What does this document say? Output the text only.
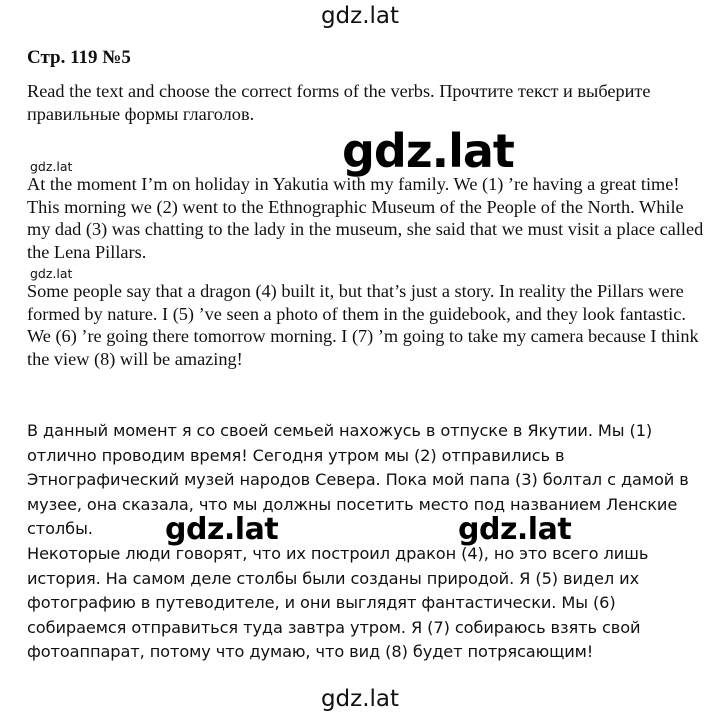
gdz.lat
Стр. 119 №5
Read the text and choose the correct forms of the verbs. Прочтите текст и выберите правильные формы глаголов.
gdz.lat	gdz.lat
At the moment I’m on holiday in Yakutia with my family. We (1) ’re having a great time! This morning we (2) went to the Ethnographic Museum of the People of the North. While my dad (3) was chatting to the lady in the museum, she said that we must visit a place called the Lena Pillars.
gdz.lat
Some people say that a dragon (4) built it, but that’s just a story. In reality the Pillars were formed by nature. I (5) ’ve seen a photo of them in the guidebook, and they look fantastic. We (6) ’re going there tomorrow morning. I (7) ’m going to take my camera because I think the view (8) will be amazing!
В данный момент я со своей семьей нахожусь в отпуске в Якутии. Мы (1) отлично проводим время! Сегодня утром мы (2) отправились в Этнографический музей народов Севера. Пока мой папа (3) болтал с дамой в музее, она сказала, что мы должны посетить место под названием Ленские столбы.	gdz.lat	gdz.lat
Некоторые люди говорят, что их построил дракон (4), но это всего лишь история. На самом деле столбы были созданы природой. Я (5) видел их фотографию в путеводителе, и они выглядят фантастически. Мы (6) собираемся отправиться туда завтра утром. Я (7) собираюсь взять свой фотоаппарат, потому что думаю, что вид (8) будет потрясающим!
gdz.lat
